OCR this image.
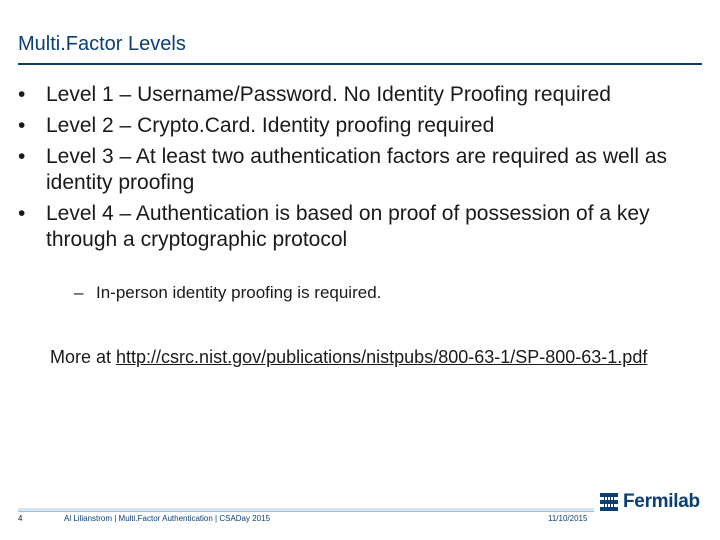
Multi.Factor Levels
• Level 1 – Username/Password. No Identity Proofing required
• Level 2 – Crypto.Card. Identity proofing required
• Level 3 – At least two authentication factors are required as well as identity proofing
• Level 4 – Authentication is based on proof of possession of a key through a cryptographic protocol
– In-person identity proofing is required.
More at http://csrc.nist.gov/publications/nistpubs/800-63-1/SP-800-63-1.pdf
4	Al Lilianstrom | Multi.Factor Authentication | CSADay 2015	11/10/2015
Fermilab
